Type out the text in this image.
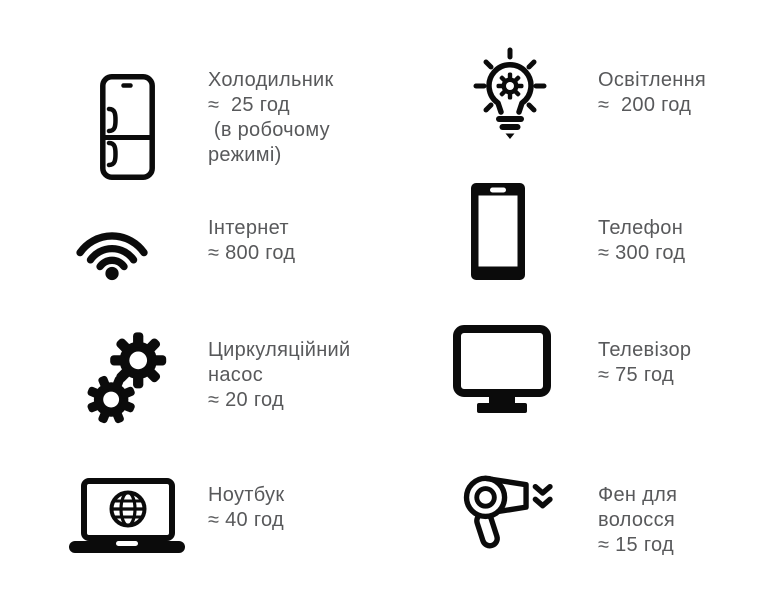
Холодильник
≈  25 год
(в робочому
режимі)
Освітлення
≈  200 год
Інтернет
≈ 800 год
Телефон
≈ 300 год
Циркуляційний
насос
≈ 20 год
Телевізор
≈ 75 год
Ноутбук
≈ 40 год
Фен для
волосся
≈ 15 год
